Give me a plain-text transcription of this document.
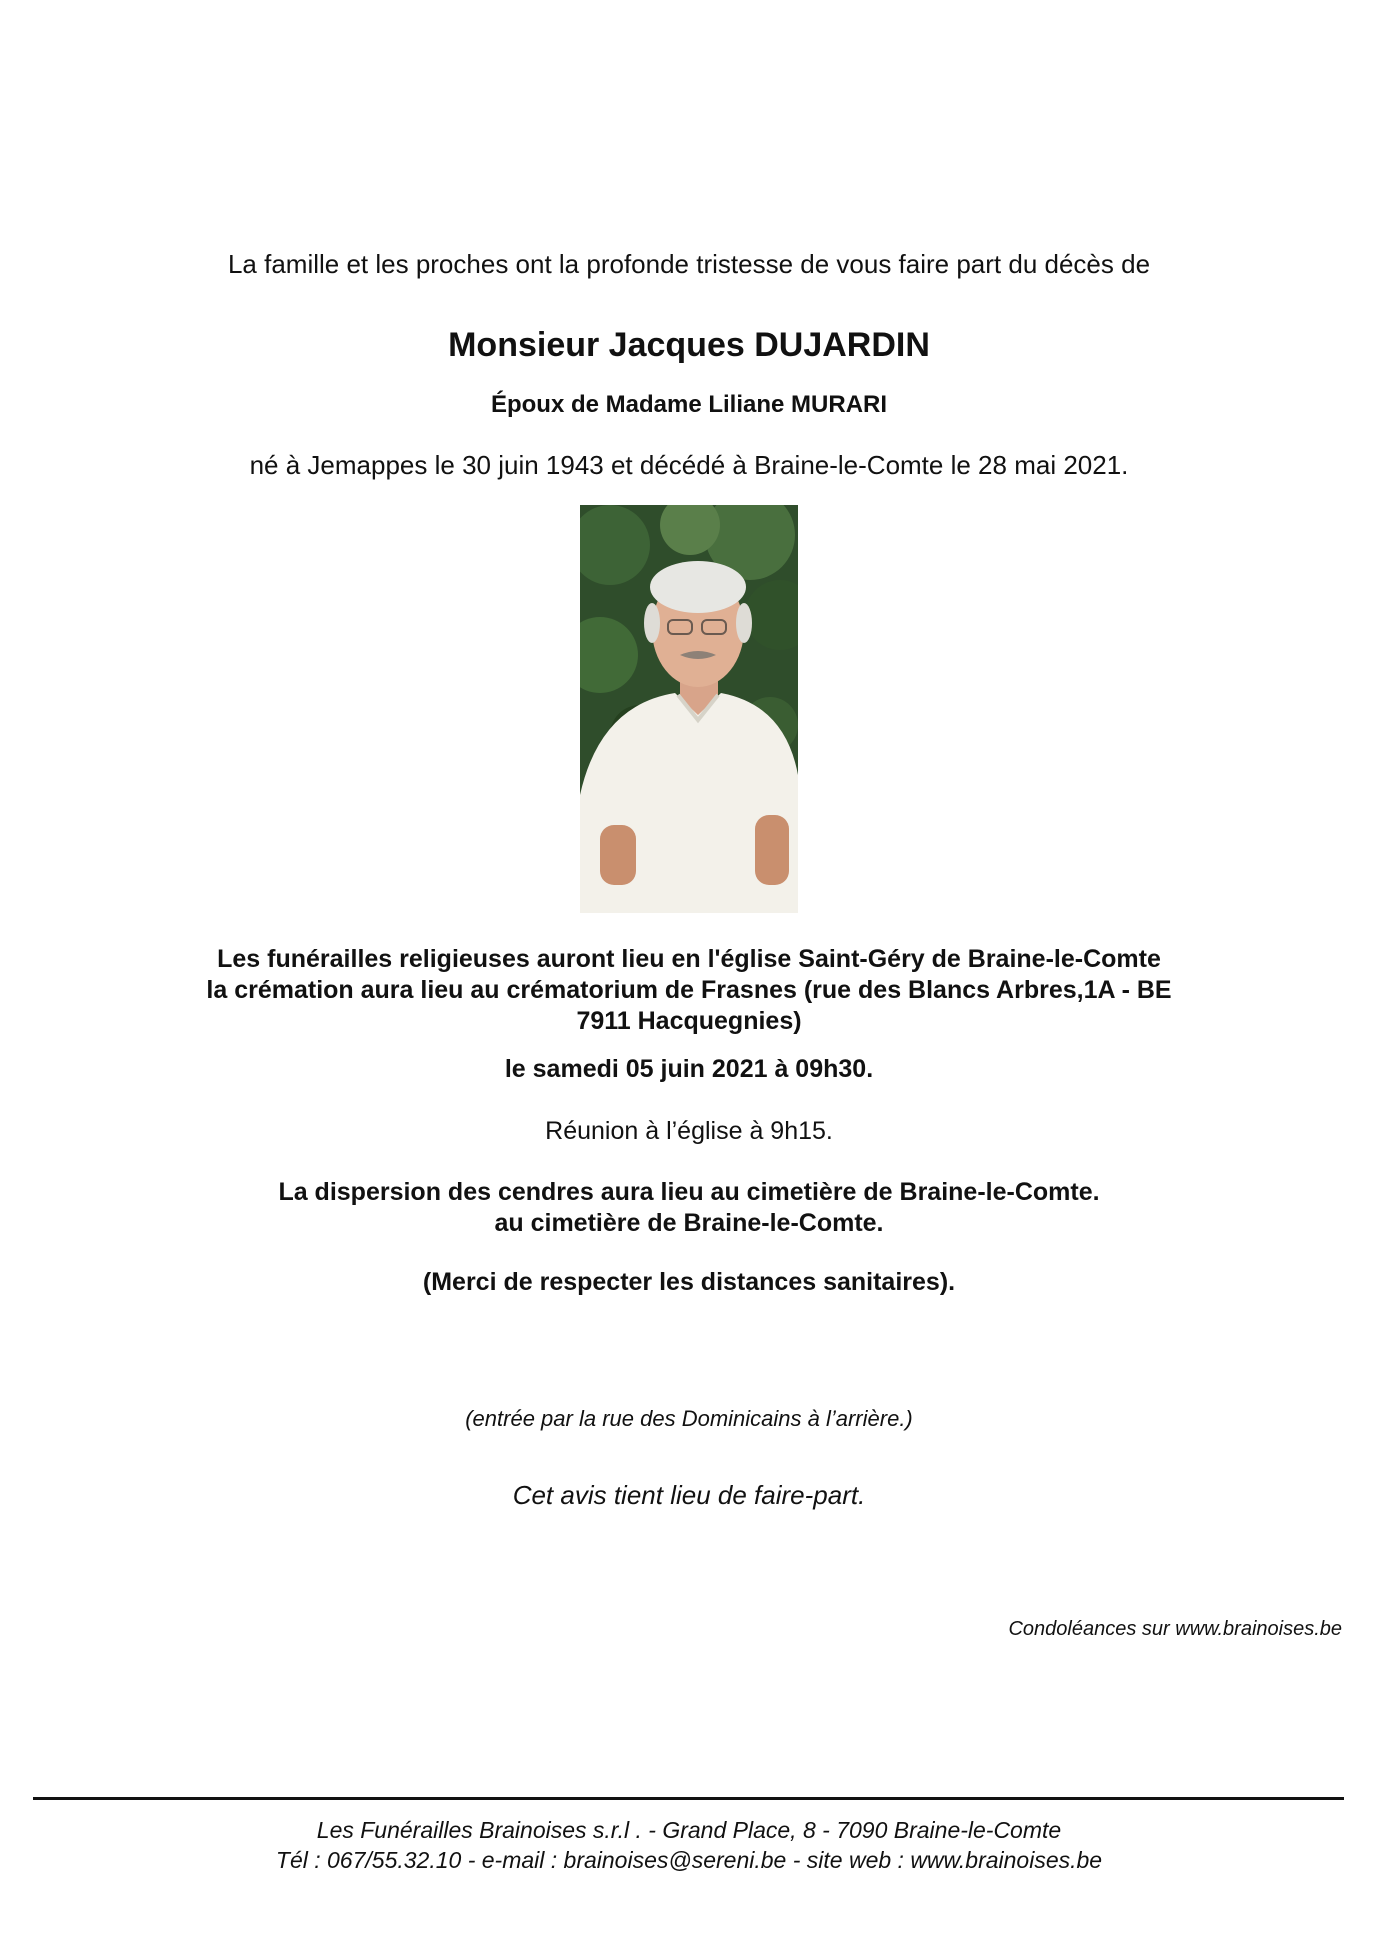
La famille et les proches ont la profonde tristesse de vous faire part du décès de
Monsieur Jacques DUJARDIN
Époux de Madame Liliane MURARI
né à Jemappes le 30 juin 1943 et décédé à Braine-le-Comte le 28 mai 2021.
Les funérailles religieuses auront lieu en l'église Saint-Géry de Braine-le-Comte
la crémation aura lieu au crématorium de Frasnes (rue des Blancs Arbres,1A - BE
7911 Hacquegnies)
le samedi 05 juin 2021 à 09h30.
Réunion à l’église à 9h15.
La dispersion des cendres aura lieu au cimetière de Braine-le-Comte.
au cimetière de Braine-le-Comte.
(Merci de respecter les distances sanitaires).
(entrée par la rue des Dominicains à l’arrière.)
Cet avis tient lieu de faire-part.
Condoléances sur www.brainoises.be
Les Funérailles Brainoises s.r.l . - Grand Place, 8 - 7090 Braine-le-Comte
Tél : 067/55.32.10 - e-mail : brainoises@sereni.be - site web : www.brainoises.be
